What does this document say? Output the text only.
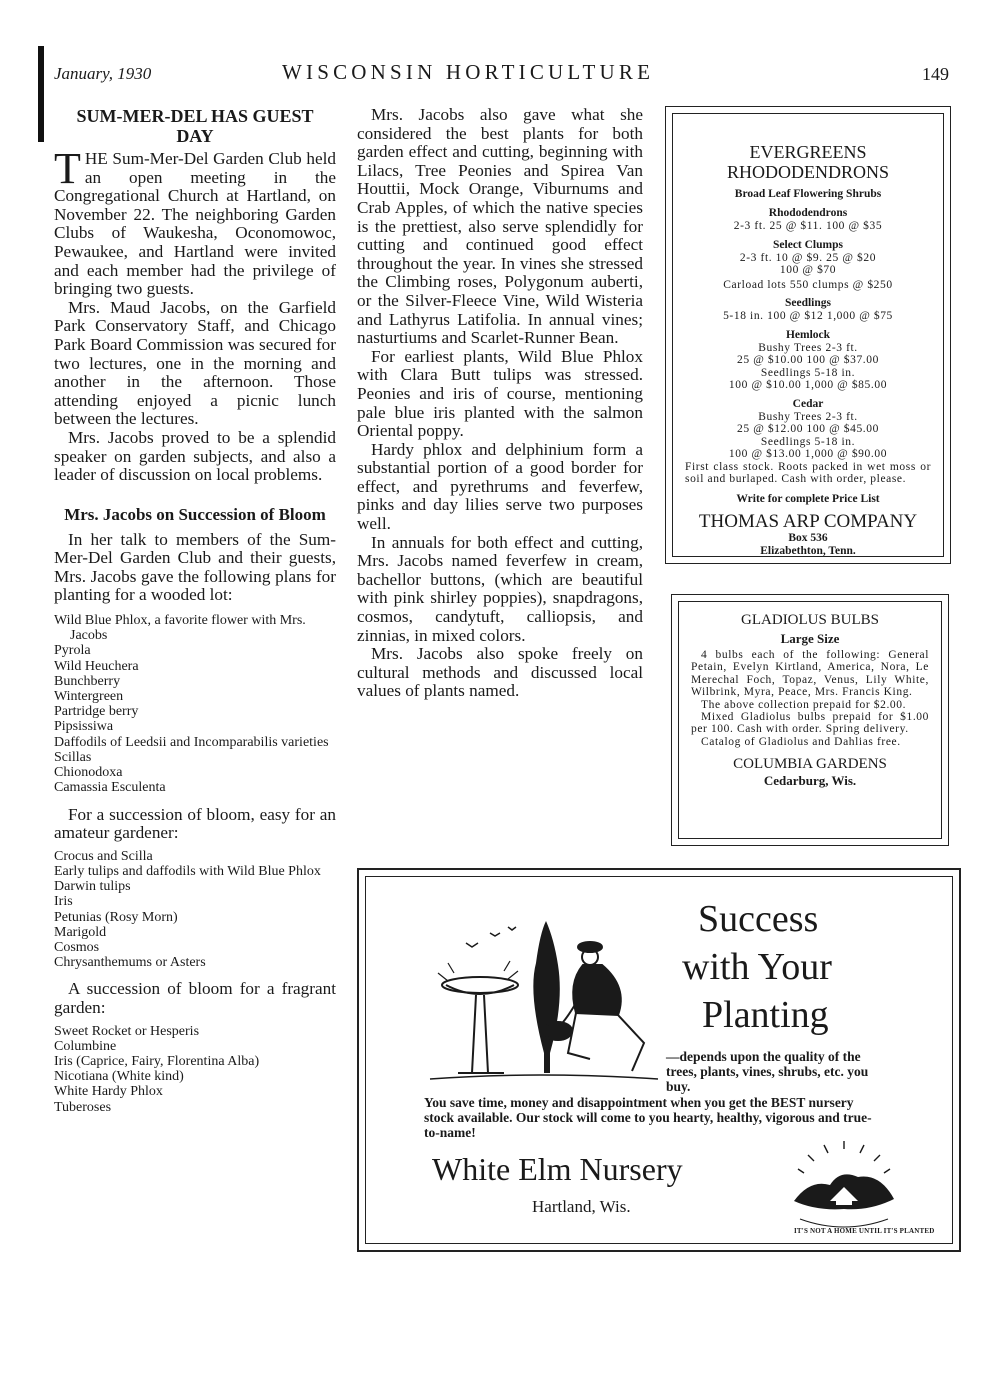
January, 1930	WISCONSIN HORTICULTURE	149
SUM-MER-DEL HAS GUEST DAY

THE Sum-Mer-Del Garden Club held an open meeting in the Congregational Church at Hartland, on November 22. The neighboring Garden Clubs of Waukesha, Oconomowoc, Pewaukee, and Hartland were invited and each member had the privilege of bringing two guests.

Mrs. Maud Jacobs, on the Garfield Park Conservatory Staff, and Chicago Park Board Commission was secured for two lectures, one in the morning and another in the afternoon. Those attending enjoyed a picnic lunch between the lectures.

Mrs. Jacobs proved to be a splendid speaker on garden subjects, and also a leader of discussion on local problems.

Mrs. Jacobs on Succession of Bloom

In her talk to members of the Sum-Mer-Del Garden Club and their guests, Mrs. Jacobs gave the following plans for planting for a wooded lot:

Wild Blue Phlox, a favorite flower with Mrs. Jacobs
Pyrola
Wild Heuchera
Bunchberry
Wintergreen
Partridge berry
Pipsissiwa
Daffodils of Leedsii and Incomparabilis varieties
Scillas
Chionodoxa
Camassia Esculenta

For a succession of bloom, easy for an amateur gardener:

Crocus and Scilla
Early tulips and daffodils with Wild Blue Phlox
Darwin tulips
Iris
Petunias (Rosy Morn)
Marigold
Cosmos
Chrysanthemums or Asters

A succession of bloom for a fragrant garden:

Sweet Rocket or Hesperis
Columbine
Iris (Caprice, Fairy, Florentina Alba)
Nicotiana (White kind)
White Hardy Phlox
Tuberoses

Mrs. Jacobs also gave what she considered the best plants for both garden effect and cutting, beginning with Lilacs, Tree Peonies and Spirea Van Houttii, Mock Orange, Viburnums and Crab Apples, of which the native species is the prettiest, also serve splendidly for cutting and continued good effect throughout the year. In vines she stressed the Climbing roses, Polygonum auberti, or the Silver-Fleece Vine, Wild Wisteria and Lathyrus Latifolia. In annual vines; nasturtiums and Scarlet-Runner Bean.

For earliest plants, Wild Blue Phlox with Clara Butt tulips was stressed. Peonies and iris of course, mentioning pale blue iris planted with the salmon Oriental poppy.

Hardy phlox and delphinium form a substantial portion of a good border for effect, and pyrethrums and feverfew, pinks and day lilies serve two purposes well.

In annuals for both effect and cutting, Mrs. Jacobs named feverfew in cream, bachellor buttons, (which are beautiful with pink shirley poppies), snapdragons, cosmos, candytuft, calliopsis, and zinnias, in mixed colors.

Mrs. Jacobs also spoke freely on cultural methods and discussed local values of plants named.

EVERGREENS
RHODODENDRONS
Broad Leaf Flowering Shrubs
Rhododendrons
2-3 ft. 25 @ $11. 100 @ $35
Select Clumps
2-3 ft. 10 @ $9. 25 @ $20
100 @ $70
Carload lots 550 clumps @ $250
Seedlings
5-18 in. 100 @ $12 1,000 @ $75
Hemlock
Bushy Trees 2-3 ft.
25 @ $10.00 100 @ $37.00
Seedlings 5-18 in.
100 @ $10.00 1,000 @ $85.00
Cedar
Bushy Trees 2-3 ft.
25 @ $12.00 100 @ $45.00
Seedlings 5-18 in.
100 @ $13.00 1,000 @ $90.00
First class stock. Roots packed in wet moss or soil and burlaped. Cash with order, please.
Write for complete Price List
THOMAS ARP COMPANY
Box 536
Elizabethton, Tenn.
GLADIOLUS BULBS
Large Size
4 bulbs each of the following: General Petain, Evelyn Kirtland, America, Nora, Le Merechal Foch, Topaz, Venus, Lily White, Wilbrink, Myra, Peace, Mrs. Francis King.
The above collection prepaid for $2.00.
Mixed Gladiolus bulbs prepaid for $1.00 per 100. Cash with order. Spring delivery.
Catalog of Gladiolus and Dahlias free.
COLUMBIA GARDENS
Cedarburg, Wis.
Success
with Your
Planting
—depends upon the quality of the trees, plants, vines, shrubs, etc. you buy.
You save time, money and disappointment when you get the BEST nursery stock available. Our stock will come to you hearty, healthy, vigorous and true-to-name!
White Elm Nursery
Hartland, Wis.
IT'S NOT A HOME UNTIL IT'S PLANTED
